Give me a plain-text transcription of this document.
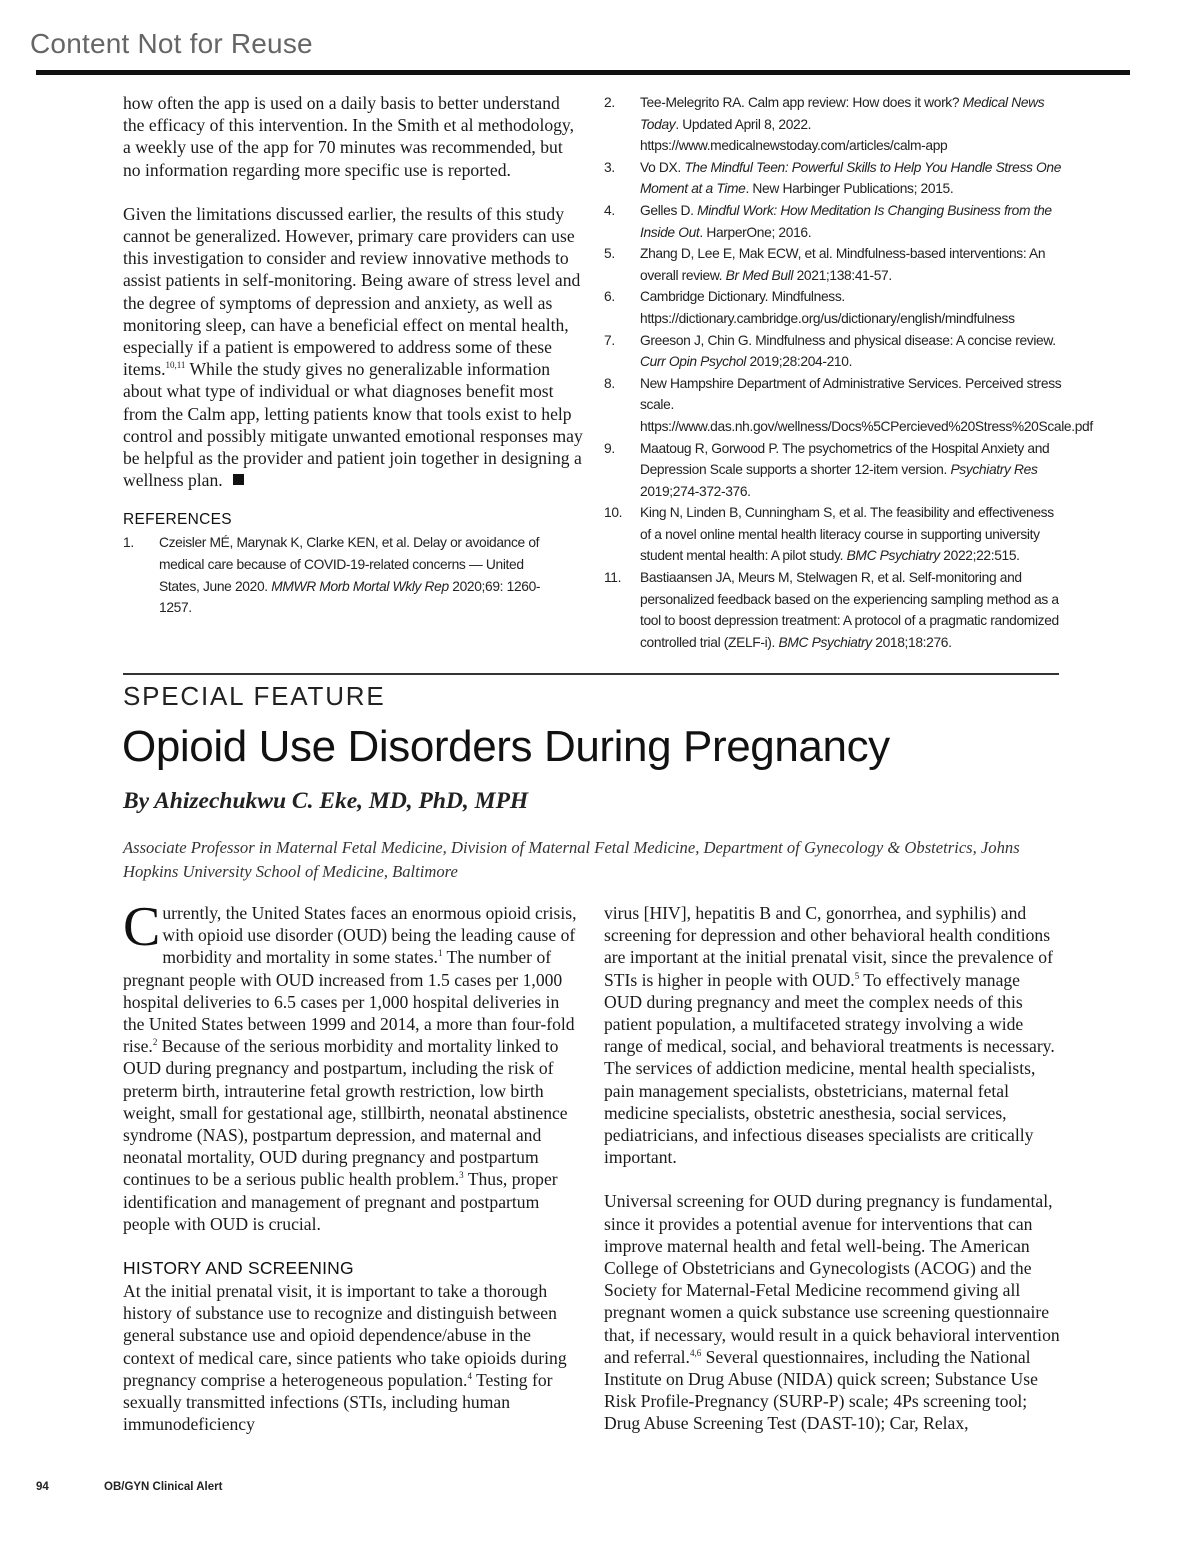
Content Not for Reuse

how often the app is used on a daily basis to better understand the efficacy of this intervention. In the Smith et al methodology, a weekly use of the app for 70 minutes was recommended, but no information regarding more specific use is reported.

Given the limitations discussed earlier, the results of this study cannot be generalized. However, primary care providers can use this investigation to consider and review innovative methods to assist patients in self-monitoring. Being aware of stress level and the degree of symptoms of depression and anxiety, as well as monitoring sleep, can have a beneficial effect on mental health, especially if a patient is empowered to address some of these items.$^{10,11}$ While the study gives no generalizable information about what type of individual or what diagnoses benefit most from the Calm app, letting patients know that tools exist to help control and possibly mitigate unwanted emotional responses may be helpful as the provider and patient join together in designing a wellness plan.

REFERENCES
1. Czeisler MÉ, Marynak K, Clarke KEN, et al. Delay or avoidance of medical care because of COVID-19-related concerns — United States, June 2020. MMWR Morb Mortal Wkly Rep 2020;69: 1260-1257.
2. Tee-Melegrito RA. Calm app review: How does it work? Medical News Today. Updated April 8, 2022. https://www.medicalnewstoday.com/articles/calm-app
3. Vo DX. The Mindful Teen: Powerful Skills to Help You Handle Stress One Moment at a Time. New Harbinger Publications; 2015.
4. Gelles D. Mindful Work: How Meditation Is Changing Business from the Inside Out. HarperOne; 2016.
5. Zhang D, Lee E, Mak ECW, et al. Mindfulness-based interventions: An overall review. Br Med Bull 2021;138:41-57.
6. Cambridge Dictionary. Mindfulness. https://dictionary.cambridge.org/us/dictionary/english/mindfulness
7. Greeson J, Chin G. Mindfulness and physical disease: A concise review. Curr Opin Psychol 2019;28:204-210.
8. New Hampshire Department of Administrative Services. Perceived stress scale. https://www.das.nh.gov/wellness/Docs%5CPercieved%20Stress%20Scale.pdf
9. Maatoug R, Gorwood P. The psychometrics of the Hospital Anxiety and Depression Scale supports a shorter 12-item version. Psychiatry Res 2019;274-372-376.
10. King N, Linden B, Cunningham S, et al. The feasibility and effectiveness of a novel online mental health literacy course in supporting university student mental health: A pilot study. BMC Psychiatry 2022;22:515.
11. Bastiaansen JA, Meurs M, Stelwagen R, et al. Self-monitoring and personalized feedback based on the experiencing sampling method as a tool to boost depression treatment: A protocol of a pragmatic randomized controlled trial (ZELF-i). BMC Psychiatry 2018;18:276.
SPECIAL FEATURE
Opioid Use Disorders During Pregnancy
By Ahizechukwu C. Eke, MD, PhD, MPH
Associate Professor in Maternal Fetal Medicine, Division of Maternal Fetal Medicine, Department of Gynecology & Obstetrics, Johns Hopkins University School of Medicine, Baltimore

Currently, the United States faces an enormous opioid crisis, with opioid use disorder (OUD) being the leading cause of morbidity and mortality in some states.$^1$ The number of pregnant people with OUD increased from 1.5 cases per 1,000 hospital deliveries to 6.5 cases per 1,000 hospital deliveries in the United States between 1999 and 2014, a more than four-fold rise.$^2$ Because of the serious morbidity and mortality linked to OUD during pregnancy and postpartum, including the risk of preterm birth, intrauterine fetal growth restriction, low birth weight, small for gestational age, stillbirth, neonatal abstinence syndrome (NAS), postpartum depression, and maternal and neonatal mortality, OUD during pregnancy and postpartum continues to be a serious public health problem.$^3$ Thus, proper identification and management of pregnant and postpartum people with OUD is crucial.

HISTORY AND SCREENING

At the initial prenatal visit, it is important to take a thorough history of substance use to recognize and distinguish between general substance use and opioid dependence/abuse in the context of medical care, since patients who take opioids during pregnancy comprise a heterogeneous population.$^4$ Testing for sexually transmitted infections (STIs, including human immunodeficiency

virus [HIV], hepatitis B and C, gonorrhea, and syphilis) and screening for depression and other behavioral health conditions are important at the initial prenatal visit, since the prevalence of STIs is higher in people with OUD.$^5$ To effectively manage OUD during pregnancy and meet the complex needs of this patient population, a multifaceted strategy involving a wide range of medical, social, and behavioral treatments is necessary. The services of addiction medicine, mental health specialists, pain management specialists, obstetricians, maternal fetal medicine specialists, obstetric anesthesia, social services, pediatricians, and infectious diseases specialists are critically important.

Universal screening for OUD during pregnancy is fundamental, since it provides a potential avenue for interventions that can improve maternal health and fetal well-being. The American College of Obstetricians and Gynecologists (ACOG) and the Society for Maternal-Fetal Medicine recommend giving all pregnant women a quick substance use screening questionnaire that, if necessary, would result in a quick behavioral intervention and referral.$^{4,6}$ Several questionnaires, including the National Institute on Drug Abuse (NIDA) quick screen; Substance Use Risk Profile-Pregnancy (SURP-P) scale; 4Ps screening tool; Drug Abuse Screening Test (DAST-10); Car, Relax,

94	OB/GYN Clinical Alert
